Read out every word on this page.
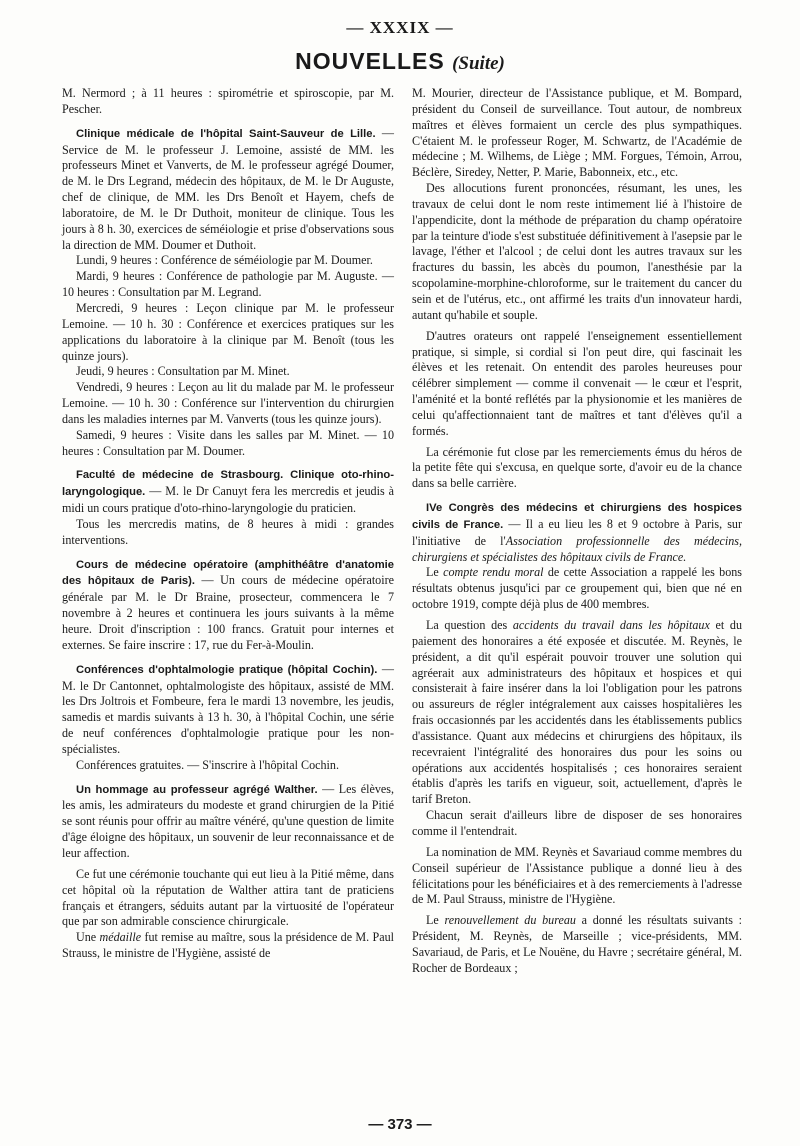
— XXXIX —
NOUVELLES (Suite)

M. Nermord ; à 11 heures : spirométrie et spiroscopie, par M. Pescher.

Clinique médicale de l'hôpital Saint-Sauveur de Lille. — Service de M. le professeur J. Lemoine, assisté de MM. les professeurs Minet et Vanverts, de M. le professeur agrégé Doumer, de M. le Drs Legrand, médecin des hôpitaux, de M. le Dr Auguste, chef de clinique, de MM. les Drs Benoît et Hayem, chefs de laboratoire, de M. le Dr Duthoit, moniteur de clinique. Tous les jours à 8 h. 30, exercices de séméiologie et prise d'observations sous la direction de MM. Doumer et Duthoit.

Lundi, 9 heures : Conférence de séméiologie par M. Doumer.

Mardi, 9 heures : Conférence de pathologie par M. Auguste. — 10 heures : Consultation par M. Legrand.

Mercredi, 9 heures : Leçon clinique par M. le professeur Lemoine. — 10 h. 30 : Conférence et exercices pratiques sur les applications du laboratoire à la clinique par M. Benoît (tous les quinze jours).

Jeudi, 9 heures : Consultation par M. Minet.

Vendredi, 9 heures : Leçon au lit du malade par M. le professeur Lemoine. — 10 h. 30 : Conférence sur l'intervention du chirurgien dans les maladies internes par M. Vanverts (tous les quinze jours).

Samedi, 9 heures : Visite dans les salles par M. Minet. — 10 heures : Consultation par M. Doumer.

Faculté de médecine de Strasbourg. Clinique oto-rhino-laryngologique. — M. le Dr Canuyt fera les mercredis et jeudis à midi un cours pratique d'oto-rhino-laryngologie du praticien.

Tous les mercredis matins, de 8 heures à midi : grandes interventions.

Cours de médecine opératoire (amphithéâtre d'anatomie des hôpitaux de Paris). — Un cours de médecine opératoire générale par M. le Dr Braine, prosecteur, commencera le 7 novembre à 2 heures et continuera les jours suivants à la même heure. Droit d'inscription : 100 francs. Gratuit pour internes et externes. Se faire inscrire : 17, rue du Fer-à-Moulin.

Conférences d'ophtalmologie pratique (hôpital Cochin). — M. le Dr Cantonnet, ophtalmologiste des hôpitaux, assisté de MM. les Drs Joltrois et Fombeure, fera le mardi 13 novembre, les jeudis, samedis et mardis suivants à 13 h. 30, à l'hôpital Cochin, une série de neuf conférences d'ophtalmologie pratique pour les non-spécialistes.

Conférences gratuites. — S'inscrire à l'hôpital Cochin.

Un hommage au professeur agrégé Walther. — Les élèves, les amis, les admirateurs du modeste et grand chirurgien de la Pitié se sont réunis pour offrir au maître vénéré, qu'une question de limite d'âge éloigne des hôpitaux, un souvenir de leur reconnaissance et de leur affection.

Ce fut une cérémonie touchante qui eut lieu à la Pitié même, dans cet hôpital où la réputation de Walther attira tant de praticiens français et étrangers, séduits autant par la virtuosité de l'opérateur que par son admirable conscience chirurgicale.

Une médaille fut remise au maître, sous la présidence de M. Paul Strauss, le ministre de l'Hygiène, assisté de

M. Mourier, directeur de l'Assistance publique, et M. Bompard, président du Conseil de surveillance. Tout autour, de nombreux maîtres et élèves formaient un cercle des plus sympathiques. C'étaient M. le professeur Roger, M. Schwartz, de l'Académie de médecine ; M. Wilhems, de Liège ; MM. Forgues, Témoin, Arrou, Béclère, Siredey, Netter, P. Marie, Babonneix, etc., etc.

Des allocutions furent prononcées, résumant, les unes, les travaux de celui dont le nom reste intimement lié à l'histoire de l'appendicite, dont la méthode de préparation du champ opératoire par la teinture d'iode s'est substituée définitivement à l'asepsie par le lavage, l'éther et l'alcool ; de celui dont les autres travaux sur les fractures du bassin, les abcès du poumon, l'anesthésie par la scopolamine-morphine-chloroforme, sur le traitement du cancer du sein et de l'utérus, etc., ont affirmé les traits d'un innovateur hardi, autant qu'habile et souple.

D'autres orateurs ont rappelé l'enseignement essentiellement pratique, si simple, si cordial si l'on peut dire, qui fascinait les élèves et les retenait. On entendit des paroles heureuses pour célébrer simplement — comme il convenait — le cœur et l'esprit, l'aménité et la bonté reflétés par la physionomie et les manières de celui qu'affectionnaient tant de maîtres et tant d'élèves qu'il a formés.

La cérémonie fut close par les remerciements émus du héros de la petite fête qui s'excusa, en quelque sorte, d'avoir eu de la chance dans sa belle carrière.

IVe Congrès des médecins et chirurgiens des hospices civils de France. — Il a eu lieu les 8 et 9 octobre à Paris, sur l'initiative de l'Association professionnelle des médecins, chirurgiens et spécialistes des hôpitaux civils de France.

Le compte rendu moral de cette Association a rappelé les bons résultats obtenus jusqu'ici par ce groupement qui, bien que né en octobre 1919, compte déjà plus de 400 membres.

La question des accidents du travail dans les hôpitaux et du paiement des honoraires a été exposée et discutée. M. Reynès, le président, a dit qu'il espérait pouvoir trouver une solution qui agréerait aux administrateurs des hôpitaux et hospices et qui consisterait à faire insérer dans la loi l'obligation pour les patrons ou assureurs de régler intégralement aux caisses hospitalières les frais occasionnés par les accidentés dans les établissements publics d'assistance. Quant aux médecins et chirurgiens des hôpitaux, ils recevraient l'intégralité des honoraires dus pour les soins ou opérations aux accidentés hospitalisés ; ces honoraires seraient établis d'après les tarifs en vigueur, soit, actuellement, d'après le tarif Breton.

Chacun serait d'ailleurs libre de disposer de ses honoraires comme il l'entendrait.

La nomination de MM. Reynès et Savariaud comme membres du Conseil supérieur de l'Assistance publique a donné lieu à des félicitations pour les bénéficiaires et à des remerciements à l'adresse de M. Paul Strauss, ministre de l'Hygiène.

Le renouvellement du bureau a donné les résultats suivants : Président, M. Reynès, de Marseille ; vice-présidents, MM. Savariaud, de Paris, et Le Nouëne, du Havre ; secrétaire général, M. Rocher de Bordeaux ;

— 373 —
